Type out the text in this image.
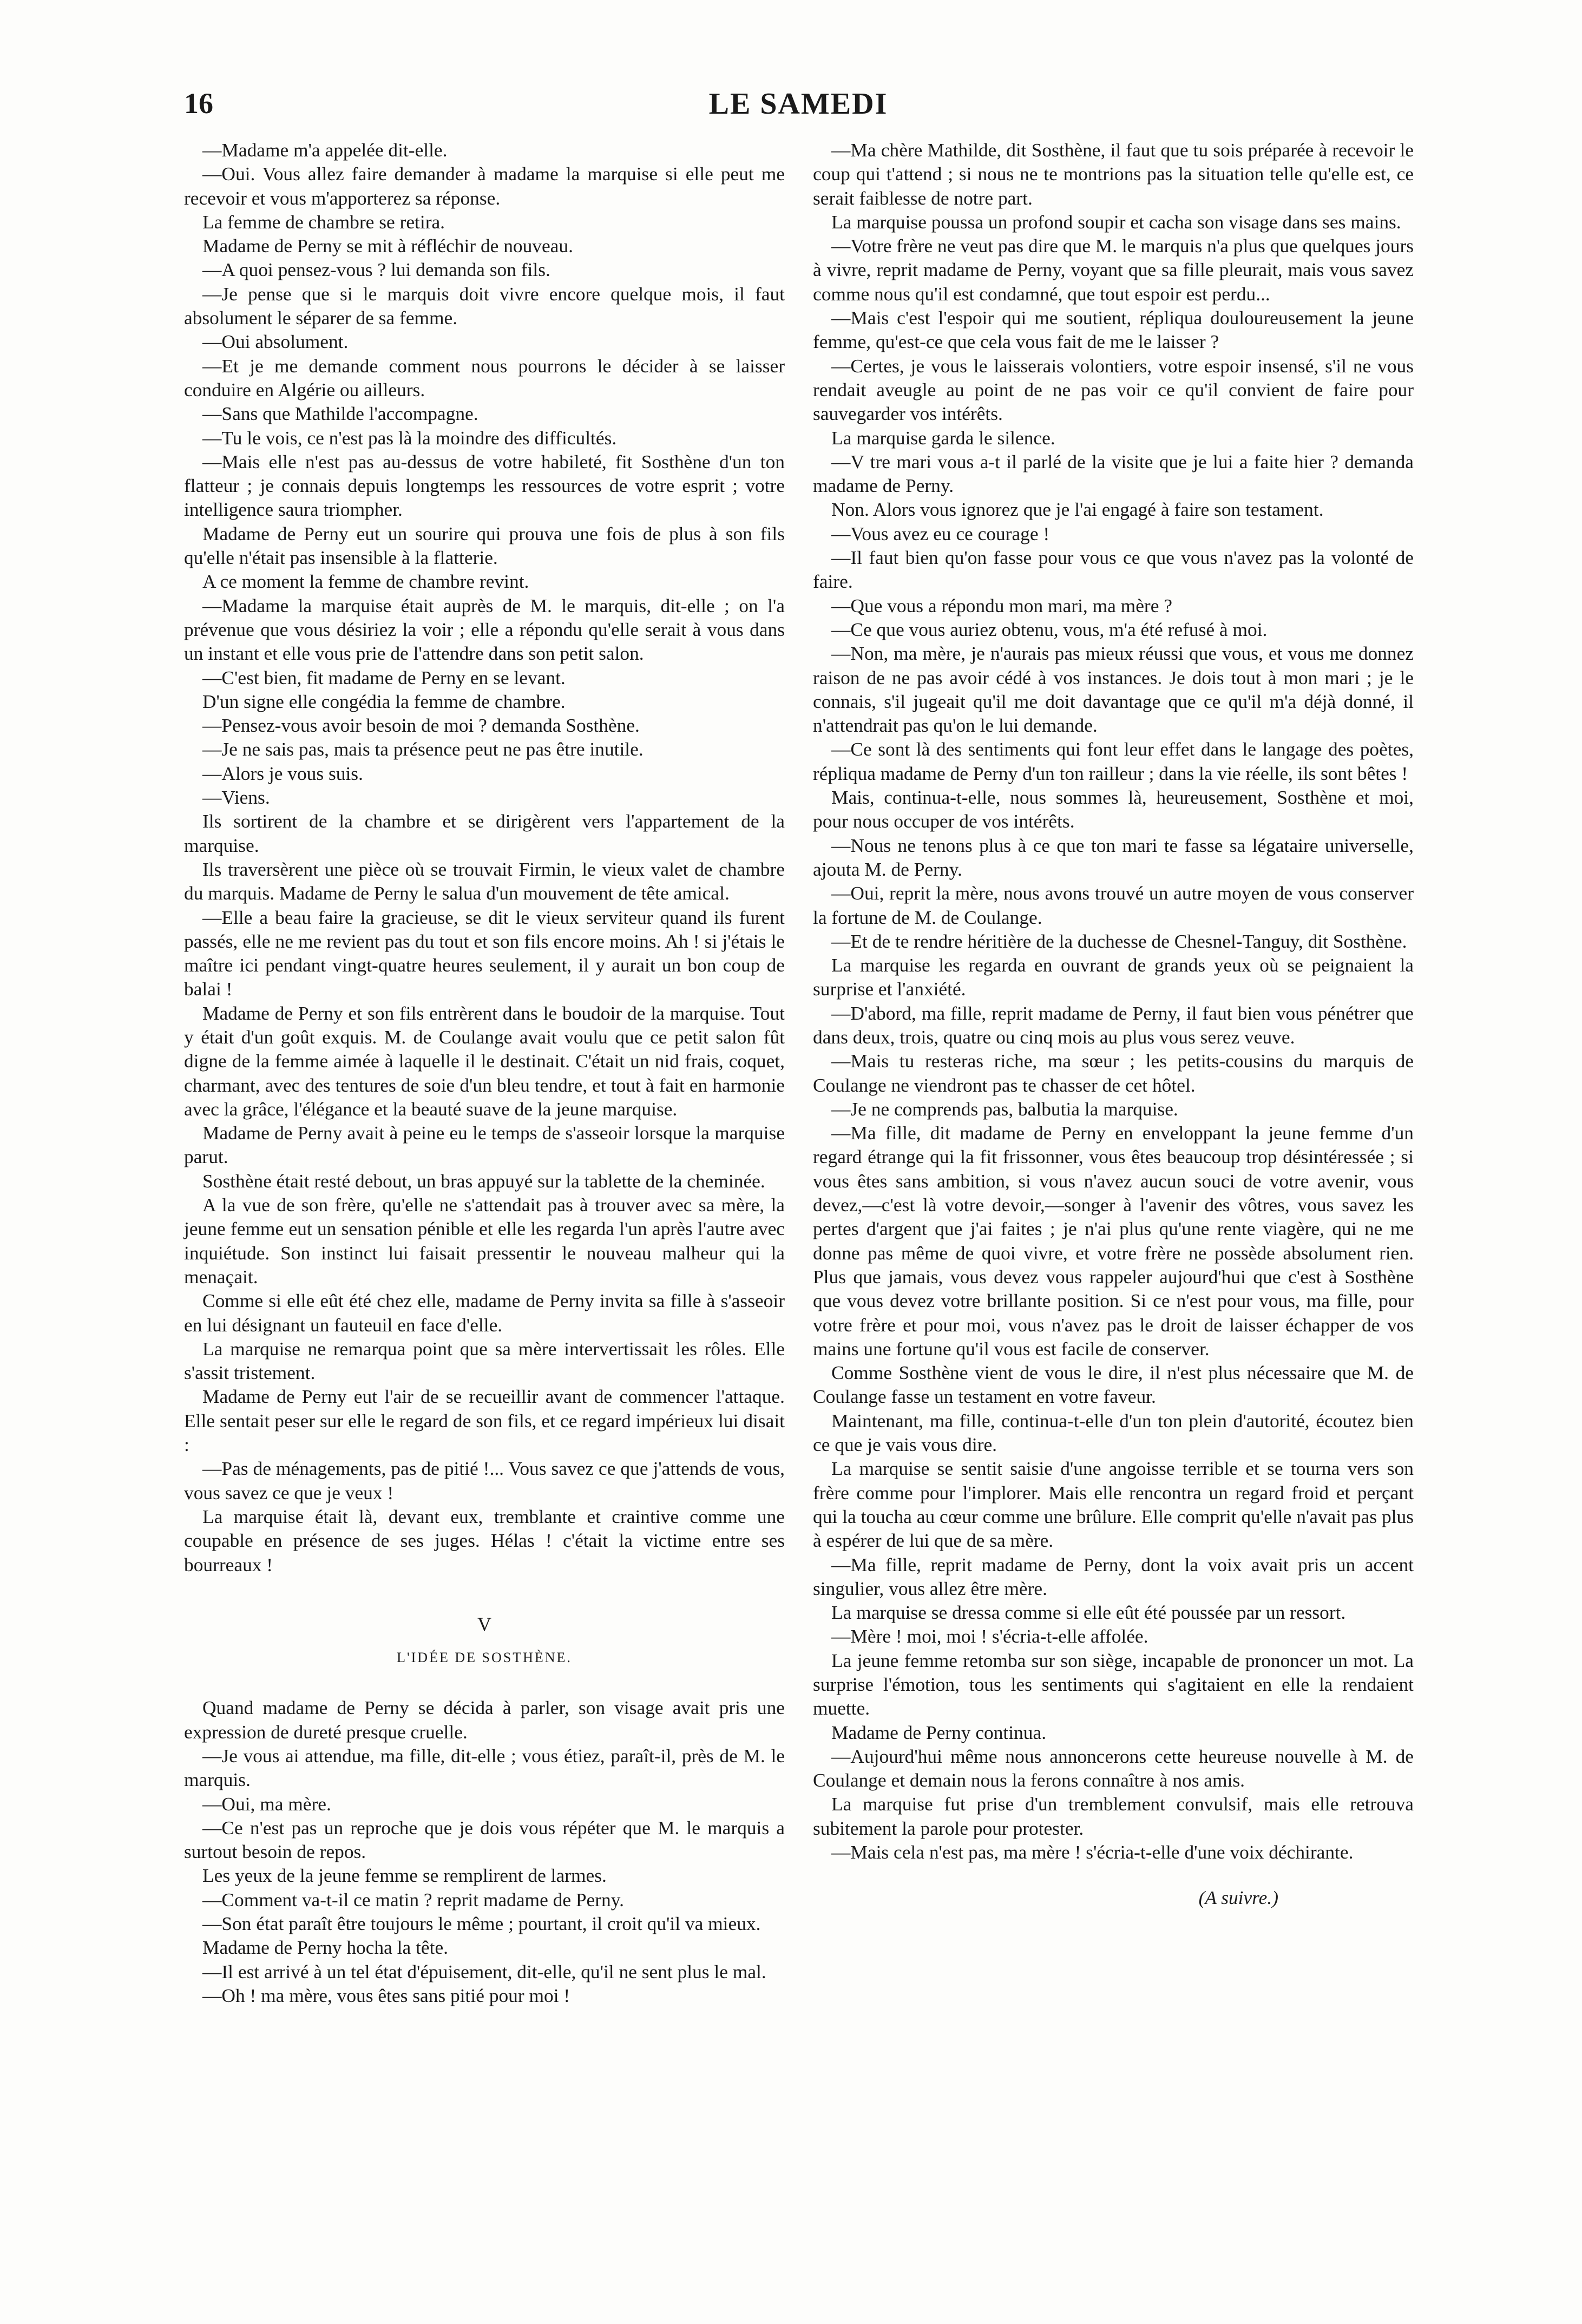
16	LE SAMEDI

—Madame m'a appelée dit-elle.

—Oui. Vous allez faire demander à madame la marquise si elle peut me recevoir et vous m'apporterez sa réponse.

La femme de chambre se retira.

Madame de Perny se mit à réfléchir de nouveau.

—A quoi pensez-vous ? lui demanda son fils.

—Je pense que si le marquis doit vivre encore quelque mois, il faut absolument le séparer de sa femme.

—Oui absolument.

—Et je me demande comment nous pourrons le décider à se laisser conduire en Algérie ou ailleurs.

—Sans que Mathilde l'accompagne.

—Tu le vois, ce n'est pas là la moindre des difficultés.

—Mais elle n'est pas au-dessus de votre habileté, fit Sosthène d'un ton flatteur ; je connais depuis longtemps les ressources de votre esprit ; votre intelligence saura triompher.

Madame de Perny eut un sourire qui prouva une fois de plus à son fils qu'elle n'était pas insensible à la flatterie.

A ce moment la femme de chambre revint.

—Madame la marquise était auprès de M. le marquis, dit-elle ; on l'a prévenue que vous désiriez la voir ; elle a répondu qu'elle serait à vous dans un instant et elle vous prie de l'attendre dans son petit salon.

—C'est bien, fit madame de Perny en se levant.

D'un signe elle congédia la femme de chambre.

—Pensez-vous avoir besoin de moi ? demanda Sosthène.

—Je ne sais pas, mais ta présence peut ne pas être inutile.

—Alors je vous suis.

—Viens.

Ils sortirent de la chambre et se dirigèrent vers l'appartement de la marquise.

Ils traversèrent une pièce où se trouvait Firmin, le vieux valet de chambre du marquis. Madame de Perny le salua d'un mouvement de tête amical.

—Elle a beau faire la gracieuse, se dit le vieux serviteur quand ils furent passés, elle ne me revient pas du tout et son fils encore moins. Ah ! si j'étais le maître ici pendant vingt-quatre heures seulement, il y aurait un bon coup de balai !

Madame de Perny et son fils entrèrent dans le boudoir de la marquise. Tout y était d'un goût exquis. M. de Coulange avait voulu que ce petit salon fût digne de la femme aimée à laquelle il le destinait. C'était un nid frais, coquet, charmant, avec des tentures de soie d'un bleu tendre, et tout à fait en harmonie avec la grâce, l'élégance et la beauté suave de la jeune marquise.

Madame de Perny avait à peine eu le temps de s'asseoir lorsque la marquise parut.

Sosthène était resté debout, un bras appuyé sur la tablette de la cheminée.

A la vue de son frère, qu'elle ne s'attendait pas à trouver avec sa mère, la jeune femme eut un sensation pénible et elle les regarda l'un après l'autre avec inquiétude. Son instinct lui faisait pressentir le nouveau malheur qui la menaçait.

Comme si elle eût été chez elle, madame de Perny invita sa fille à s'asseoir en lui désignant un fauteuil en face d'elle.

La marquise ne remarqua point que sa mère intervertissait les rôles. Elle s'assit tristement.

Madame de Perny eut l'air de se recueillir avant de commencer l'attaque. Elle sentait peser sur elle le regard de son fils, et ce regard impérieux lui disait :

—Pas de ménagements, pas de pitié !... Vous savez ce que j'attends de vous, vous savez ce que je veux !

La marquise était là, devant eux, tremblante et craintive comme une coupable en présence de ses juges. Hélas ! c'était la victime entre ses bourreaux !

V
L'IDÉE DE SOSTHÈNE.

Quand madame de Perny se décida à parler, son visage avait pris une expression de dureté presque cruelle.

—Je vous ai attendue, ma fille, dit-elle ; vous étiez, paraît-il, près de M. le marquis.

—Oui, ma mère.

—Ce n'est pas un reproche que je dois vous répéter que M. le marquis a surtout besoin de repos.

Les yeux de la jeune femme se remplirent de larmes.

—Comment va-t-il ce matin ? reprit madame de Perny.

—Son état paraît être toujours le même ; pourtant, il croit qu'il va mieux.

Madame de Perny hocha la tête.

—Il est arrivé à un tel état d'épuisement, dit-elle, qu'il ne sent plus le mal.

—Oh ! ma mère, vous êtes sans pitié pour moi !

—Ma chère Mathilde, dit Sosthène, il faut que tu sois préparée à recevoir le coup qui t'attend ; si nous ne te montrions pas la situation telle qu'elle est, ce serait faiblesse de notre part.

La marquise poussa un profond soupir et cacha son visage dans ses mains.

—Votre frère ne veut pas dire que M. le marquis n'a plus que quelques jours à vivre, reprit madame de Perny, voyant que sa fille pleurait, mais vous savez comme nous qu'il est condamné, que tout espoir est perdu...

—Mais c'est l'espoir qui me soutient, répliqua douloureusement la jeune femme, qu'est-ce que cela vous fait de me le laisser ?

—Certes, je vous le laisserais volontiers, votre espoir insensé, s'il ne vous rendait aveugle au point de ne pas voir ce qu'il convient de faire pour sauvegarder vos intérêts.

La marquise garda le silence.

—V tre mari vous a-t il parlé de la visite que je lui a faite hier ? demanda madame de Perny.

Non. Alors vous ignorez que je l'ai engagé à faire son testament.

—Vous avez eu ce courage !

—Il faut bien qu'on fasse pour vous ce que vous n'avez pas la volonté de faire.

—Que vous a répondu mon mari, ma mère ?

—Ce que vous auriez obtenu, vous, m'a été refusé à moi.

—Non, ma mère, je n'aurais pas mieux réussi que vous, et vous me donnez raison de ne pas avoir cédé à vos instances. Je dois tout à mon mari ; je le connais, s'il jugeait qu'il me doit davantage que ce qu'il m'a déjà donné, il n'attendrait pas qu'on le lui demande.

—Ce sont là des sentiments qui font leur effet dans le langage des poètes, répliqua madame de Perny d'un ton railleur ; dans la vie réelle, ils sont bêtes !

Mais, continua-t-elle, nous sommes là, heureusement, Sosthène et moi, pour nous occuper de vos intérêts.

—Nous ne tenons plus à ce que ton mari te fasse sa légataire universelle, ajouta M. de Perny.

—Oui, reprit la mère, nous avons trouvé un autre moyen de vous conserver la fortune de M. de Coulange.

—Et de te rendre héritière de la duchesse de Chesnel-Tanguy, dit Sosthène.

La marquise les regarda en ouvrant de grands yeux où se peignaient la surprise et l'anxiété.

—D'abord, ma fille, reprit madame de Perny, il faut bien vous pénétrer que dans deux, trois, quatre ou cinq mois au plus vous serez veuve.

—Mais tu resteras riche, ma sœur ; les petits-cousins du marquis de Coulange ne viendront pas te chasser de cet hôtel.

—Je ne comprends pas, balbutia la marquise.

—Ma fille, dit madame de Perny en enveloppant la jeune femme d'un regard étrange qui la fit frissonner, vous êtes beaucoup trop désintéressée ; si vous êtes sans ambition, si vous n'avez aucun souci de votre avenir, vous devez,—c'est là votre devoir,—songer à l'avenir des vôtres, vous savez les pertes d'argent que j'ai faites ; je n'ai plus qu'une rente viagère, qui ne me donne pas même de quoi vivre, et votre frère ne possède absolument rien. Plus que jamais, vous devez vous rappeler aujourd'hui que c'est à Sosthène que vous devez votre brillante position. Si ce n'est pour vous, ma fille, pour votre frère et pour moi, vous n'avez pas le droit de laisser échapper de vos mains une fortune qu'il vous est facile de conserver.

Comme Sosthène vient de vous le dire, il n'est plus nécessaire que M. de Coulange fasse un testament en votre faveur.

Maintenant, ma fille, continua-t-elle d'un ton plein d'autorité, écoutez bien ce que je vais vous dire.

La marquise se sentit saisie d'une angoisse terrible et se tourna vers son frère comme pour l'implorer. Mais elle rencontra un regard froid et perçant qui la toucha au cœur comme une brûlure. Elle comprit qu'elle n'avait pas plus à espérer de lui que de sa mère.

—Ma fille, reprit madame de Perny, dont la voix avait pris un accent singulier, vous allez être mère.

La marquise se dressa comme si elle eût été poussée par un ressort.

—Mère ! moi, moi ! s'écria-t-elle affolée.

La jeune femme retomba sur son siège, incapable de prononcer un mot. La surprise l'émotion, tous les sentiments qui s'agitaient en elle la rendaient muette.

Madame de Perny continua.

—Aujourd'hui même nous annoncerons cette heureuse nouvelle à M. de Coulange et demain nous la ferons connaître à nos amis.

La marquise fut prise d'un tremblement convulsif, mais elle retrouva subitement la parole pour protester.

—Mais cela n'est pas, ma mère ! s'écria-t-elle d'une voix déchirante.

(A suivre.)
